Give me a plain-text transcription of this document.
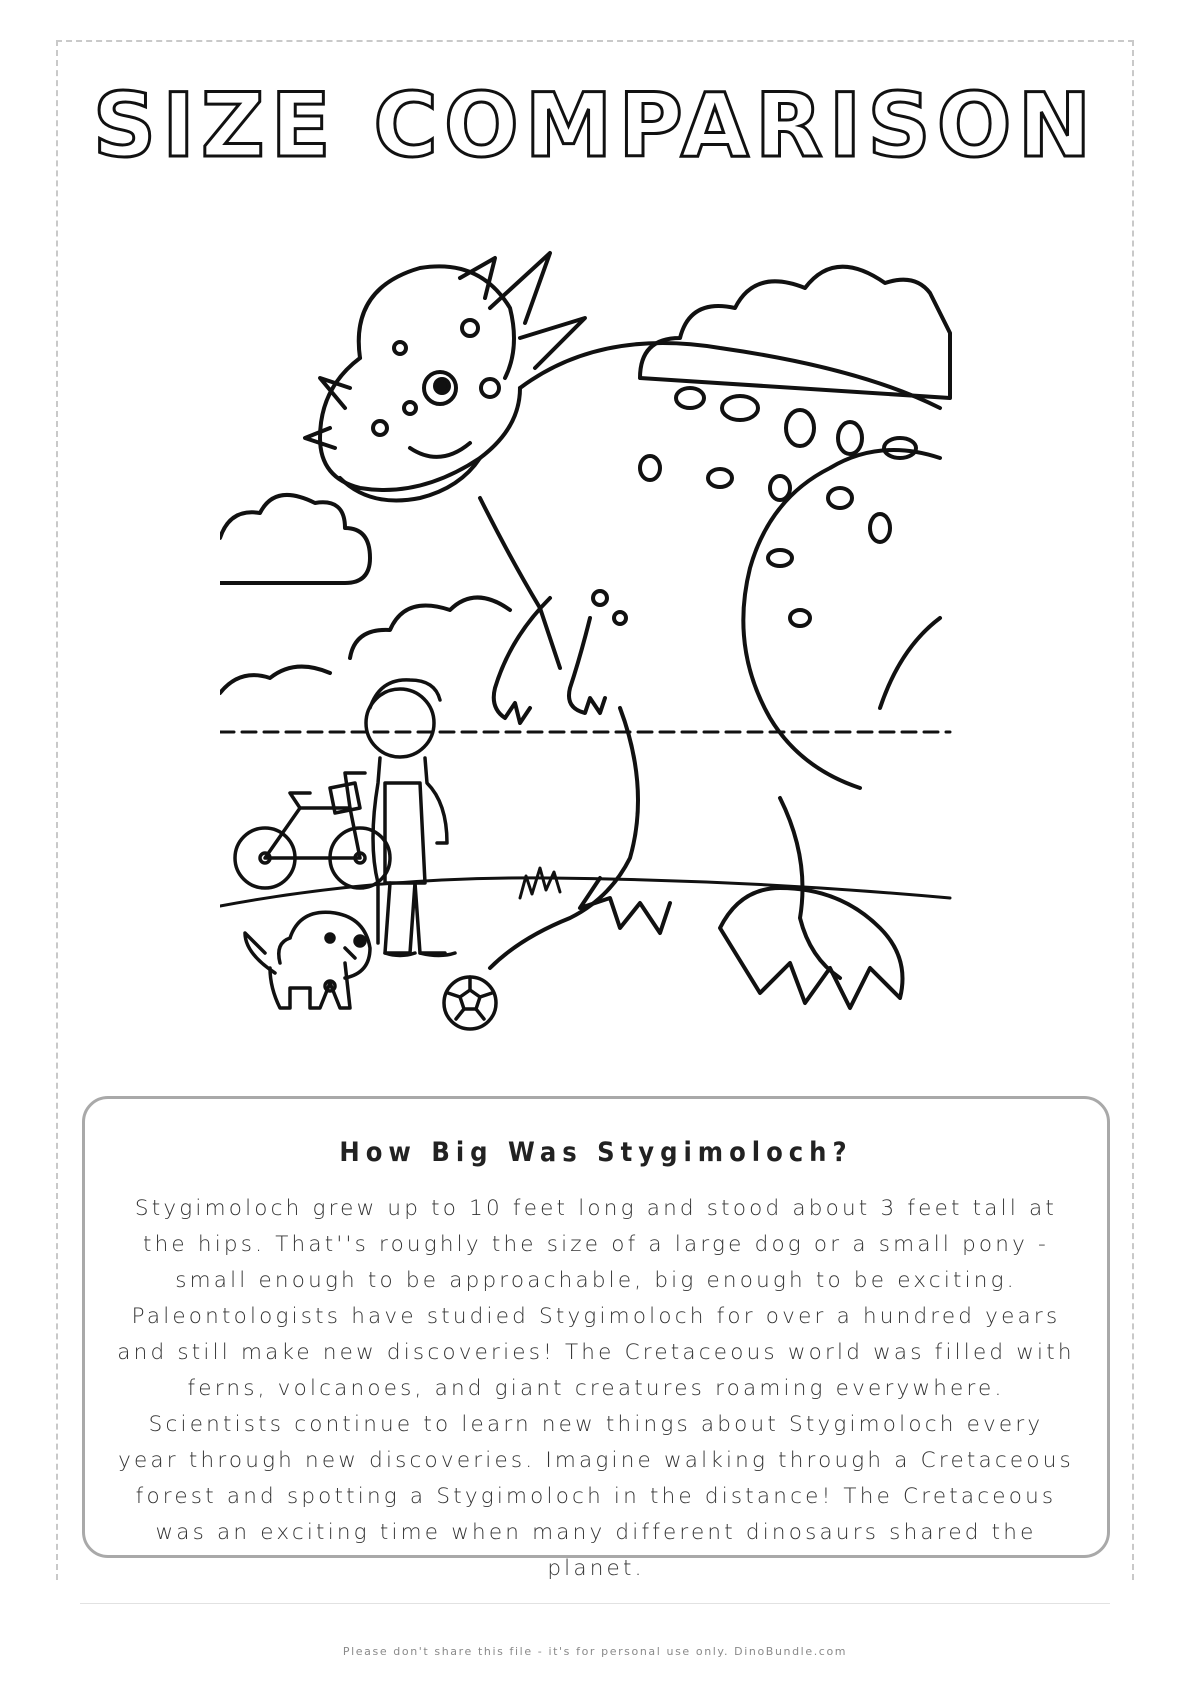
SIZE COMPARISON
How Big Was Stygimoloch?

Stygimoloch grew up to 10 feet long and stood about 3 feet tall at the hips. That''s roughly the size of a large dog or a small pony - small enough to be approachable, big enough to be exciting. Paleontologists have studied Stygimoloch for over a hundred years and still make new discoveries! The Cretaceous world was filled with ferns, volcanoes, and giant creatures roaming everywhere. Scientists continue to learn new things about Stygimoloch every year through new discoveries. Imagine walking through a Cretaceous forest and spotting a Stygimoloch in the distance! The Cretaceous was an exciting time when many different dinosaurs shared the planet.

Please don't share this file - it's for personal use only. DinoBundle.com
